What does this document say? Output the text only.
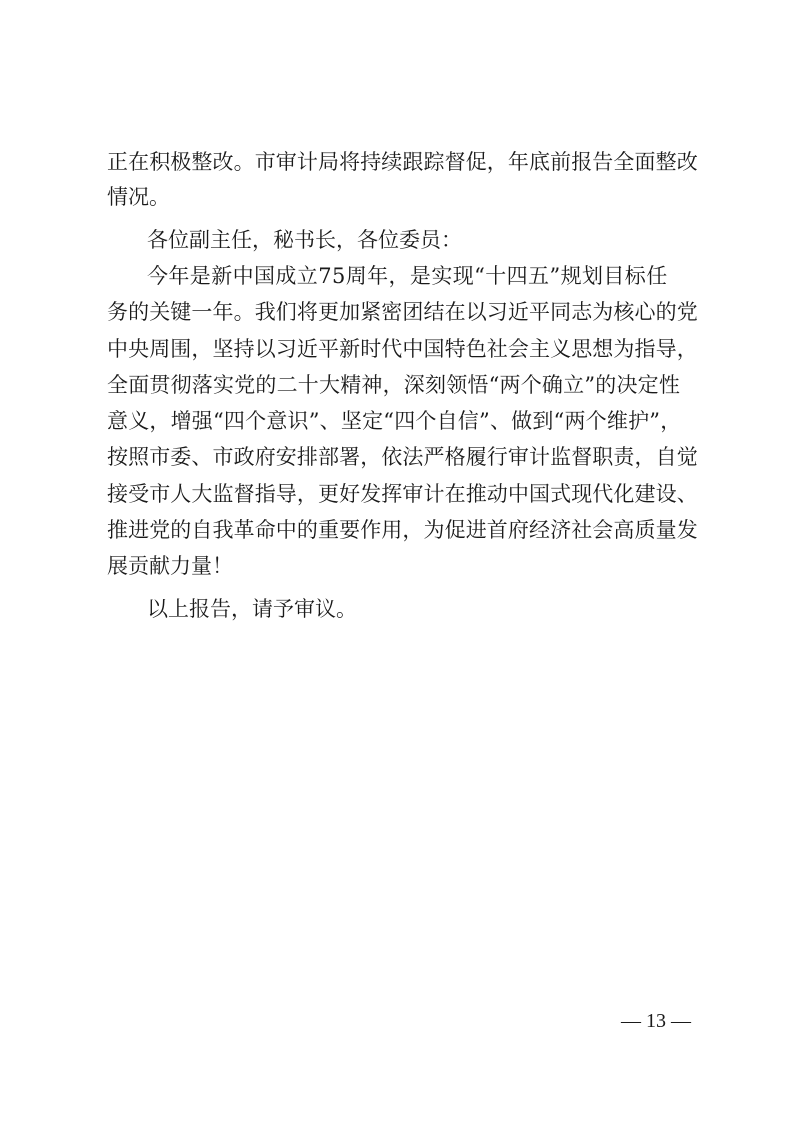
正在积极整改。市审计局将持续跟踪督促，年底前报告全面整改
情况。
各位副主任，秘书长，各位委员：
今年是新中国成立75周年，是实现“十四五”规划目标任
务的关键一年。我们将更加紧密团结在以习近平同志为核心的党
中央周围，坚持以习近平新时代中国特色社会主义思想为指导，
全面贯彻落实党的二十大精神，深刻领悟“两个确立”的决定性
意义，增强“四个意识”、坚定“四个自信”、做到“两个维护”，
按照市委、市政府安排部署，依法严格履行审计监督职责，自觉
接受市人大监督指导，更好发挥审计在推动中国式现代化建设、
推进党的自我革命中的重要作用，为促进首府经济社会高质量发
展贡献力量！
以上报告，请予审议。
— 13 —
